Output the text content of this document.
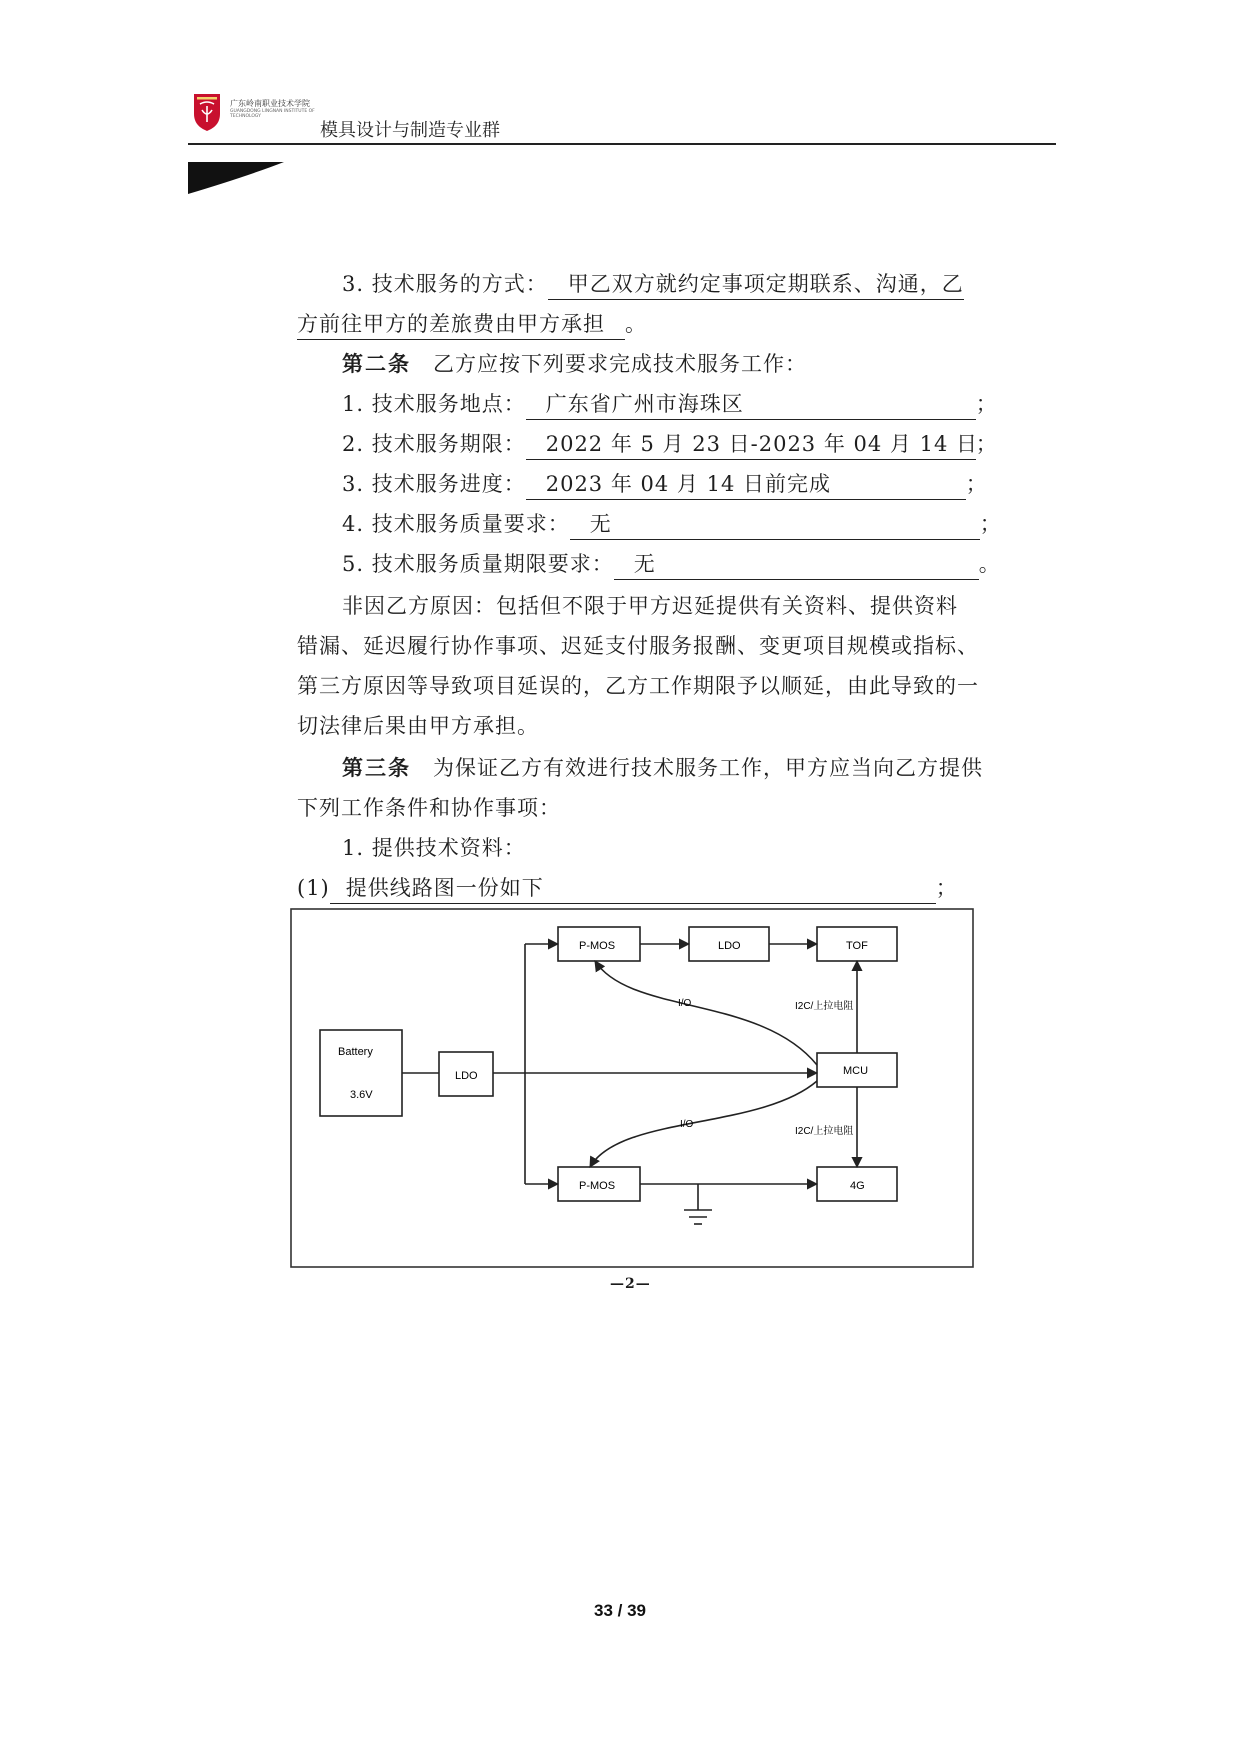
广东岭南职业技术学院
GUANGDONG LINGNAN INSTITUTE OF TECHNOLOGY
模具设计与制造专业群
3. 技术服务的方式： 甲乙双方就约定事项定期联系、沟通，乙
方前往甲方的差旅费由甲方承担 。
第二条 乙方应按下列要求完成技术服务工作：
1. 技术服务地点： 广东省广州市海珠区	；
2. 技术服务期限： 2022 年 5 月 23 日-2023 年 04 月 14 日；
3. 技术服务进度： 2023 年 04 月 14 日前完成	；
4. 技术服务质量要求： 无	；
5. 技术服务质量期限要求： 无	。
非因乙方原因：包括但不限于甲方迟延提供有关资料、提供资料
错漏、延迟履行协作事项、迟延支付服务报酬、变更项目规模或指标、
第三方原因等导致项目延误的，乙方工作期限予以顺延，由此导致的一
切法律后果由甲方承担。
第三条 为保证乙方有效进行技术服务工作，甲方应当向乙方提供
下列工作条件和协作事项：
1. 提供技术资料：
(1) 提供线路图一份如下	；
Battery
3.6V
LDO
P-MOS	LDO	TOF
MCU
P-MOS	4G
I2C/上拉电阻
I2C/上拉电阻
I/O
I/O
—2—
33 / 39
